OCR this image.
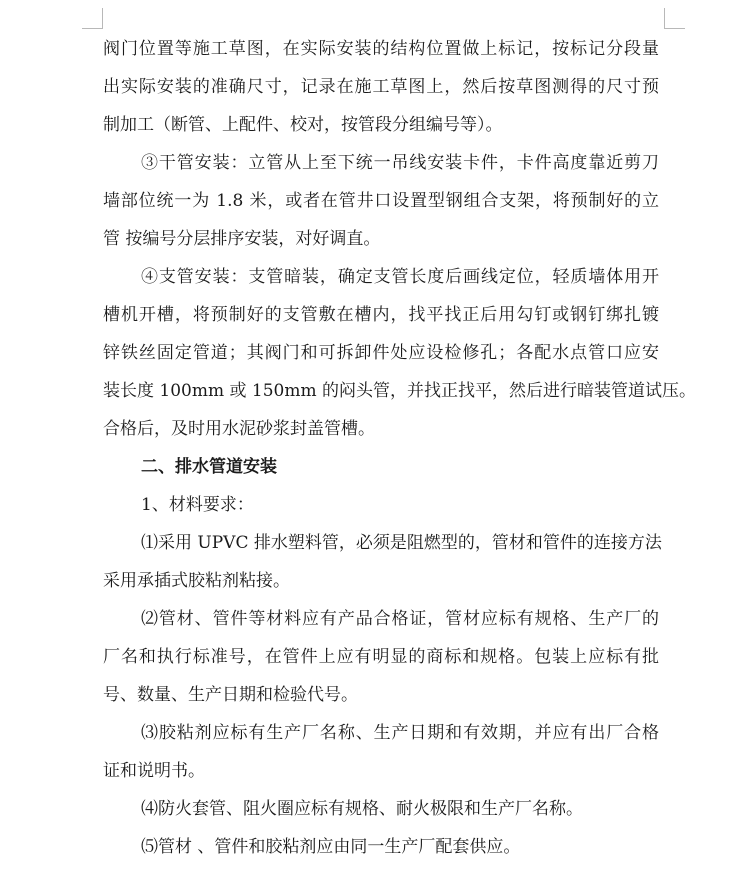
阀门位置等施工草图，在实际安装的结构位置做上标记，按标记分段量
出实际安装的准确尺寸，记录在施工草图上，然后按草图测得的尺寸预
制加工（断管、上配件、校对，按管段分组编号等）。
③干管安装：立管从上至下统一吊线安装卡件，卡件高度靠近剪刀
墙部位统一为 1.8 米，或者在管井口设置型钢组合支架，将预制好的立
管 按编号分层排序安装，对好调直。
④支管安装：支管暗装，确定支管长度后画线定位，轻质墙体用开
槽机开槽，将预制好的支管敷在槽内，找平找正后用勾钉或钢钉绑扎镀
锌铁丝固定管道；其阀门和可拆卸件处应设检修孔；各配水点管口应安
装长度 100mm 或 150mm 的闷头管，并找正找平，然后进行暗装管道试压。
合格后，及时用水泥砂浆封盖管槽。
二、排水管道安装
1、材料要求：
⑴采用 UPVC 排水塑料管，必须是阻燃型的，管材和管件的连接方法
采用承插式胶粘剂粘接。
⑵管材、管件等材料应有产品合格证，管材应标有规格、生产厂的
厂名和执行标准号，在管件上应有明显的商标和规格。包装上应标有批
号、数量、生产日期和检验代号。
⑶胶粘剂应标有生产厂名称、生产日期和有效期，并应有出厂合格
证和说明书。
⑷防火套管、阻火圈应标有规格、耐火极限和生产厂名称。
⑸管材 、管件和胶粘剂应由同一生产厂配套供应。
